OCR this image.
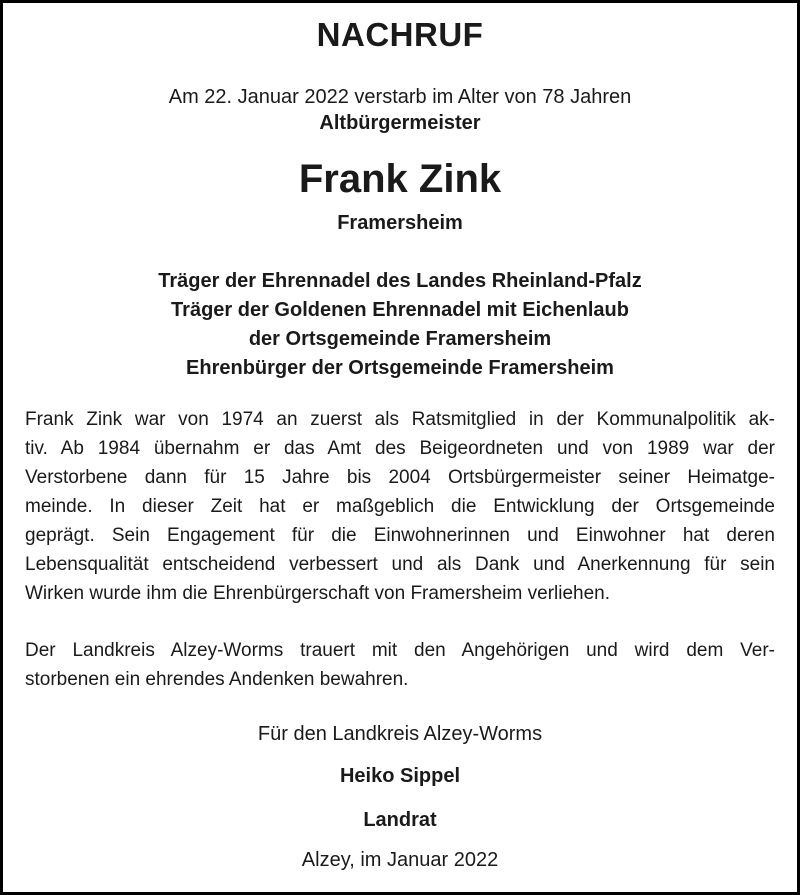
NACHRUF
Am 22. Januar 2022 verstarb im Alter von 78 Jahren
Altbürgermeister
Frank Zink
Framersheim
Träger der Ehrennadel des Landes Rheinland-Pfalz
Träger der Goldenen Ehrennadel mit Eichenlaub
der Ortsgemeinde Framersheim
Ehrenbürger der Ortsgemeinde Framersheim
Frank Zink war von 1974 an zuerst als Ratsmitglied in der Kommunalpolitik ak-
tiv. Ab 1984 übernahm er das Amt des Beigeordneten und von 1989 war der
Verstorbene dann für 15 Jahre bis 2004 Ortsbürgermeister seiner Heimatge-
meinde. In dieser Zeit hat er maßgeblich die Entwicklung der Ortsgemeinde
geprägt. Sein Engagement für die Einwohnerinnen und Einwohner hat deren
Lebensqualität entscheidend verbessert und als Dank und Anerkennung für sein
Wirken wurde ihm die Ehrenbürgerschaft von Framersheim verliehen.
Der Landkreis Alzey-Worms trauert mit den Angehörigen und wird dem Ver-
storbenen ein ehrendes Andenken bewahren.
Für den Landkreis Alzey-Worms
Heiko Sippel
Landrat
Alzey, im Januar 2022
